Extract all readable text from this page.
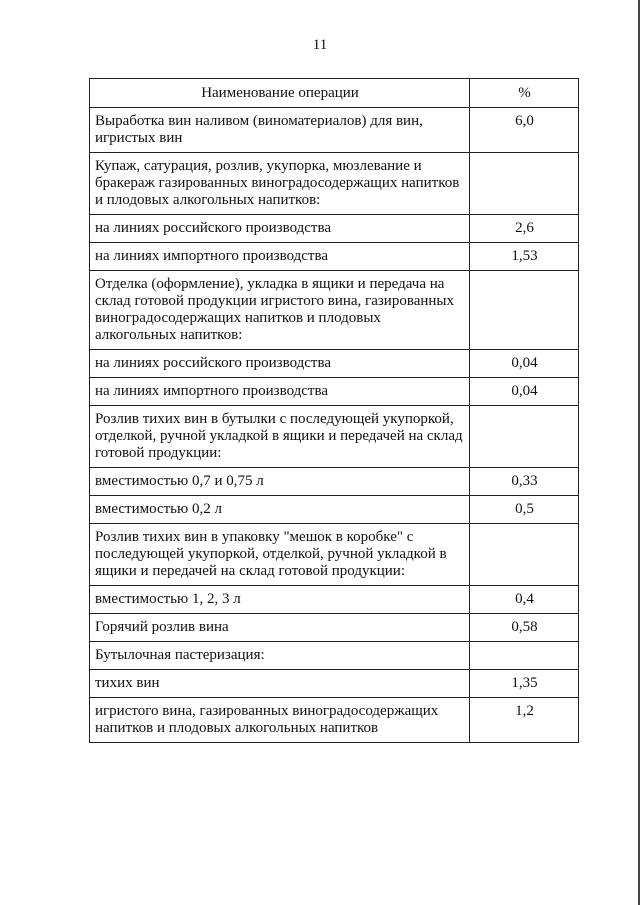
11
Наименование операции	%
Выработка вин наливом (виноматериалов) для вин, игристых вин	6,0
Купаж, сатурация, розлив, укупорка, мюзлевание и бракераж газированных виноградосодержащих напитков и плодовых алкогольных напитков:	
на линиях российского производства	2,6
на линиях импортного производства	1,53
Отделка (оформление), укладка в ящики и передача на склад готовой продукции игристого вина, газированных виноградосодержащих напитков и плодовых алкогольных напитков:	
на линиях российского производства	0,04
на линиях импортного производства	0,04
Розлив тихих вин в бутылки с последующей укупоркой, отделкой, ручной укладкой в ящики и передачей на склад готовой продукции:	
вместимостью 0,7 и 0,75 л	0,33
вместимостью 0,2 л	0,5
Розлив тихих вин в упаковку "мешок в коробке" с последующей укупоркой, отделкой, ручной укладкой в ящики и передачей на склад готовой продукции:	
вместимостью 1, 2, 3 л	0,4
Горячий розлив вина	0,58
Бутылочная пастеризация:	
тихих вин	1,35
игристого вина, газированных виноградосодержащих напитков и плодовых алкогольных напитков	1,2
